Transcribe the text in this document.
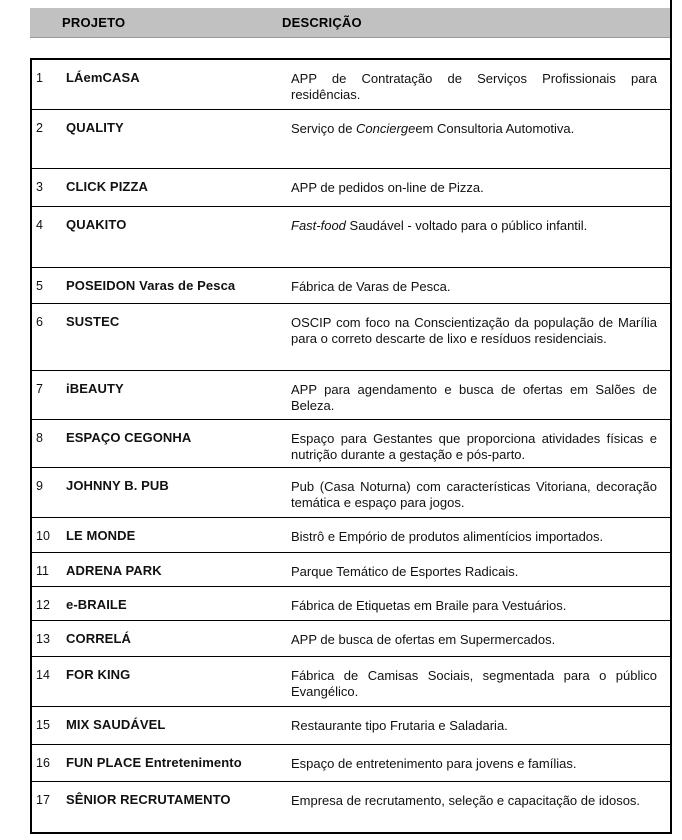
PROJETO	DESCRIÇÃO
1	LÁemCASA	APP de Contratação de Serviços Profissionais para residências.
2	QUALITY	Serviço de Conciergeem Consultoria Automotiva.
3	CLICK PIZZA	APP de pedidos on-line de Pizza.
4	QUAKITO	Fast-food Saudável - voltado para o público infantil.
5	POSEIDON Varas de Pesca	Fábrica de Varas de Pesca.
6	SUSTEC	OSCIP com foco na Conscientização da população de Marília para o correto descarte de lixo e resíduos residenciais.
7	iBEAUTY	APP para agendamento e busca de ofertas em Salões de Beleza.
8	ESPAÇO CEGONHA	Espaço para Gestantes que proporciona atividades físicas e nutrição durante a gestação e pós-parto.
9	JOHNNY B. PUB	Pub (Casa Noturna) com características Vitoriana, decoração temática e espaço para jogos.
10	LE MONDE	Bistrô e Empório de produtos alimentícios importados.
11	ADRENA PARK	Parque Temático de Esportes Radicais.
12	e-BRAILE	Fábrica de Etiquetas em Braile para Vestuários.
13	CORRELÁ	APP de busca de ofertas em Supermercados.
14	FOR KING	Fábrica de Camisas Sociais, segmentada para o público Evangélico.
15	MIX SAUDÁVEL	Restaurante tipo Frutaria e Saladaria.
16	FUN PLACE Entretenimento	Espaço de entretenimento para jovens e famílias.
17	SÊNIOR RECRUTAMENTO	Empresa de recrutamento, seleção e capacitação de idosos.
